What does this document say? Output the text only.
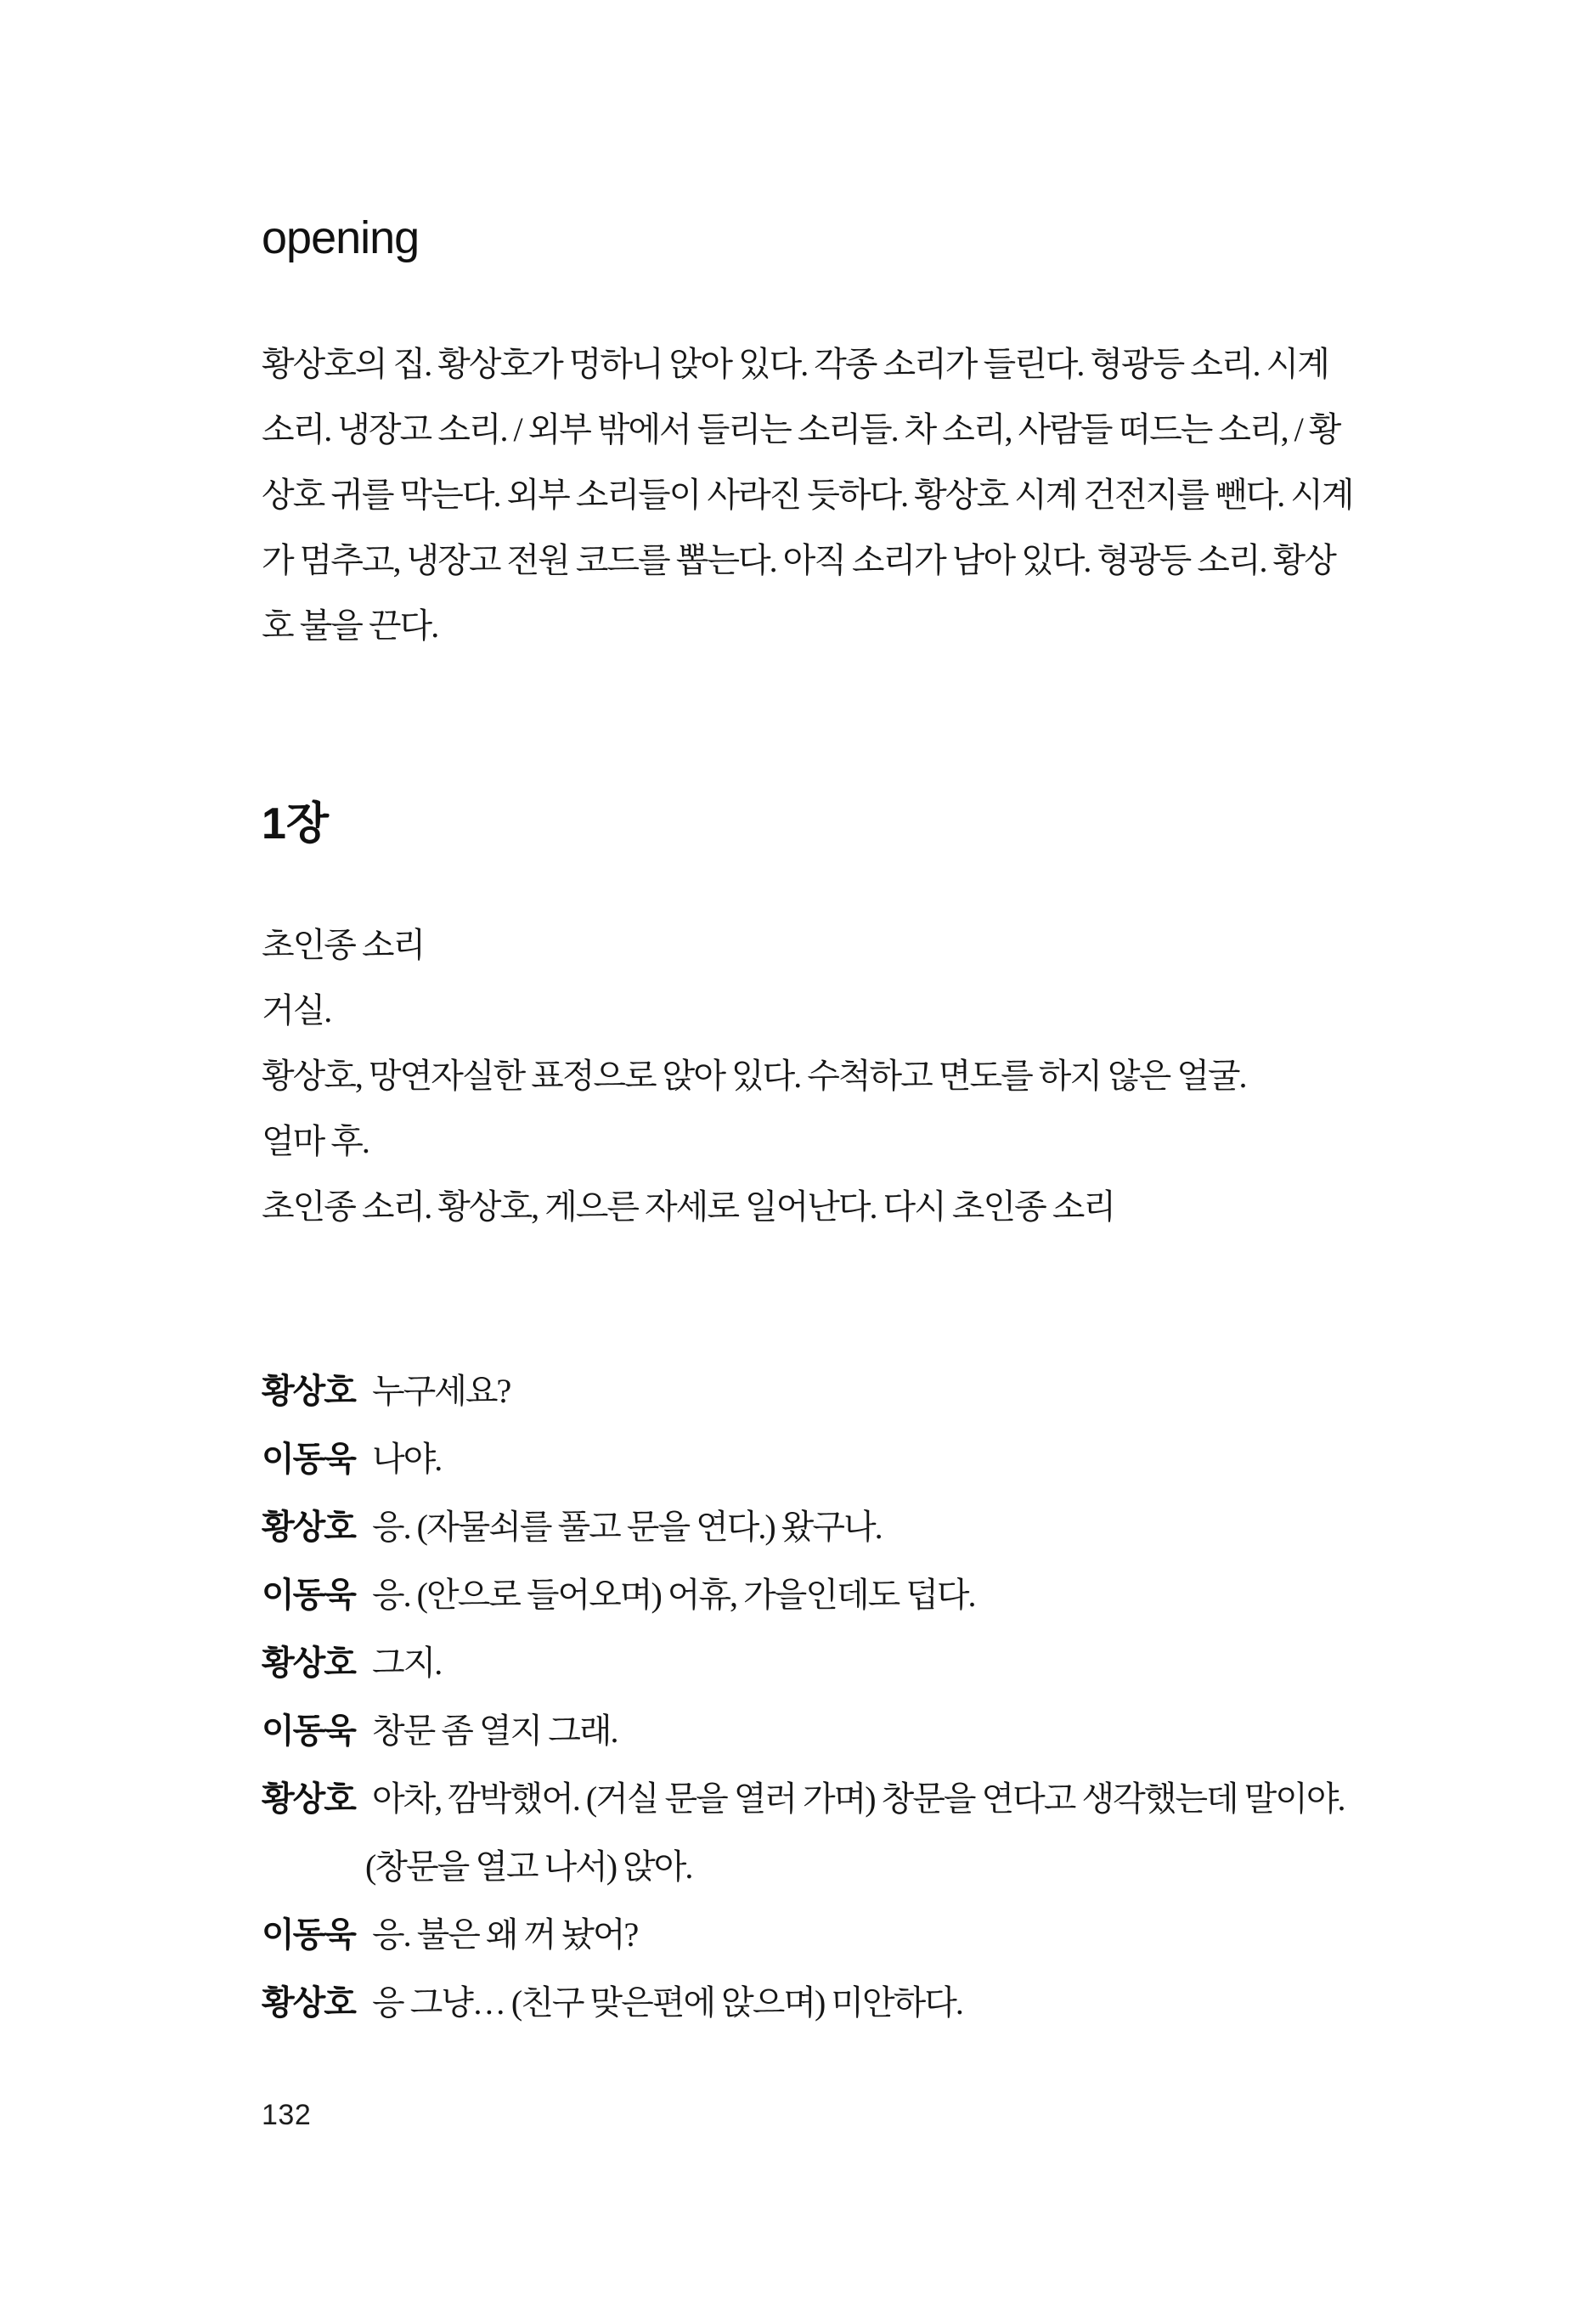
opening

황상호의 집. 황상호가 멍하니 앉아 있다. 각종 소리가 들린다. 형광등 소리. 시계 소리. 냉장고 소리. / 외부 밖에서 들리는 소리들. 차 소리, 사람들 떠드는 소리, / 황상호 귀를 막는다. 외부 소리들이 사라진 듯하다. 황상호 시계 건전지를 뺀다. 시계가 멈추고, 냉장고 전원 코드를 뽑는다. 아직 소리가 남아 있다. 형광등 소리. 황상호 불을 끈다.

1장

초인종 소리

거실.

황상호, 망연자실한 표정으로 앉아 있다. 수척하고 면도를 하지 않은 얼굴.

얼마 후.

초인종 소리. 황상호, 게으른 자세로 일어난다. 다시 초인종 소리

황상호 누구세요?

이동욱 나야.

황상호 응. (자물쇠를 풀고 문을 연다.) 왔구나.

이동욱 응. (안으로 들어오며) 어휴, 가을인데도 덥다.

황상호 그지.

이동욱 창문 좀 열지 그래.

황상호 아차, 깜박했어. (거실 문을 열러 가며) 창문을 연다고 생각했는데 말이야. (창문을 열고 나서) 앉아.

이동욱 응. 불은 왜 꺼 놨어?

황상호 응 그냥… (친구 맞은편에 앉으며) 미안하다.

132
